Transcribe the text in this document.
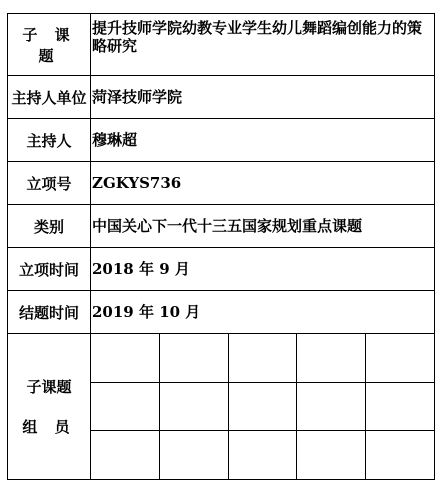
子 课 题	提升技师学院幼教专业学生幼儿舞蹈编创能力的策略研究
主持人单位	菏泽技师学院
主持人	穆琳超
立项号	ZGKYS736
类别	中国关心下一代十三五国家规划重点课题
立项时间	2018 年 9 月
结题时间	2019 年 10 月

子课题
组 员
